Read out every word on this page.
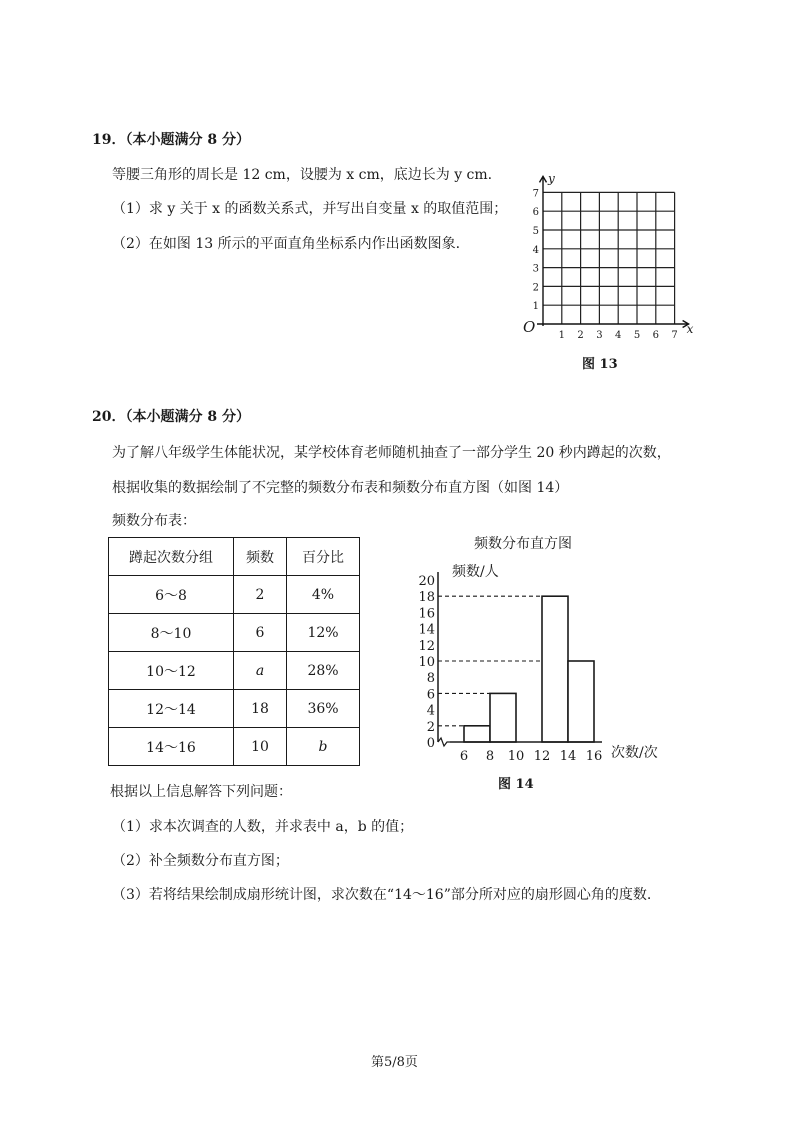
19．（本小题满分 8 分）
等腰三角形的周长是 12 cm，设腰为 x cm，底边长为 y cm.
（1）求 y 关于 x 的函数关系式，并写出自变量 x 的取值范围；
（2）在如图 13 所示的平面直角坐标系内作出函数图象.
1 2 3 4 5 6 7
1
2
3
4
5
6
7
O	x
y
图 13
20．（本小题满分 8 分）
为了解八年级学生体能状况，某学校体育老师随机抽查了一部分学生 20 秒内蹲起的次数，
根据收集的数据绘制了不完整的频数分布表和频数分布直方图（如图 14）
频数分布表：
蹲起次数分组	频数	百分比
6～8	2	4%
8～10	6	12%
10～12	a	28%
12～14	18	36%
14～16	10	b
频数分布直方图
0
2
4
6
8
10
12
14
16
18
20
6 8 10 12 14 16
频数/人
次数/次
图 14
根据以上信息解答下列问题：
（1）求本次调查的人数，并求表中 a，b 的值；
（2）补全频数分布直方图；
（3）若将结果绘制成扇形统计图，求次数在“14～16”部分所对应的扇形圆心角的度数.
第5/8页
